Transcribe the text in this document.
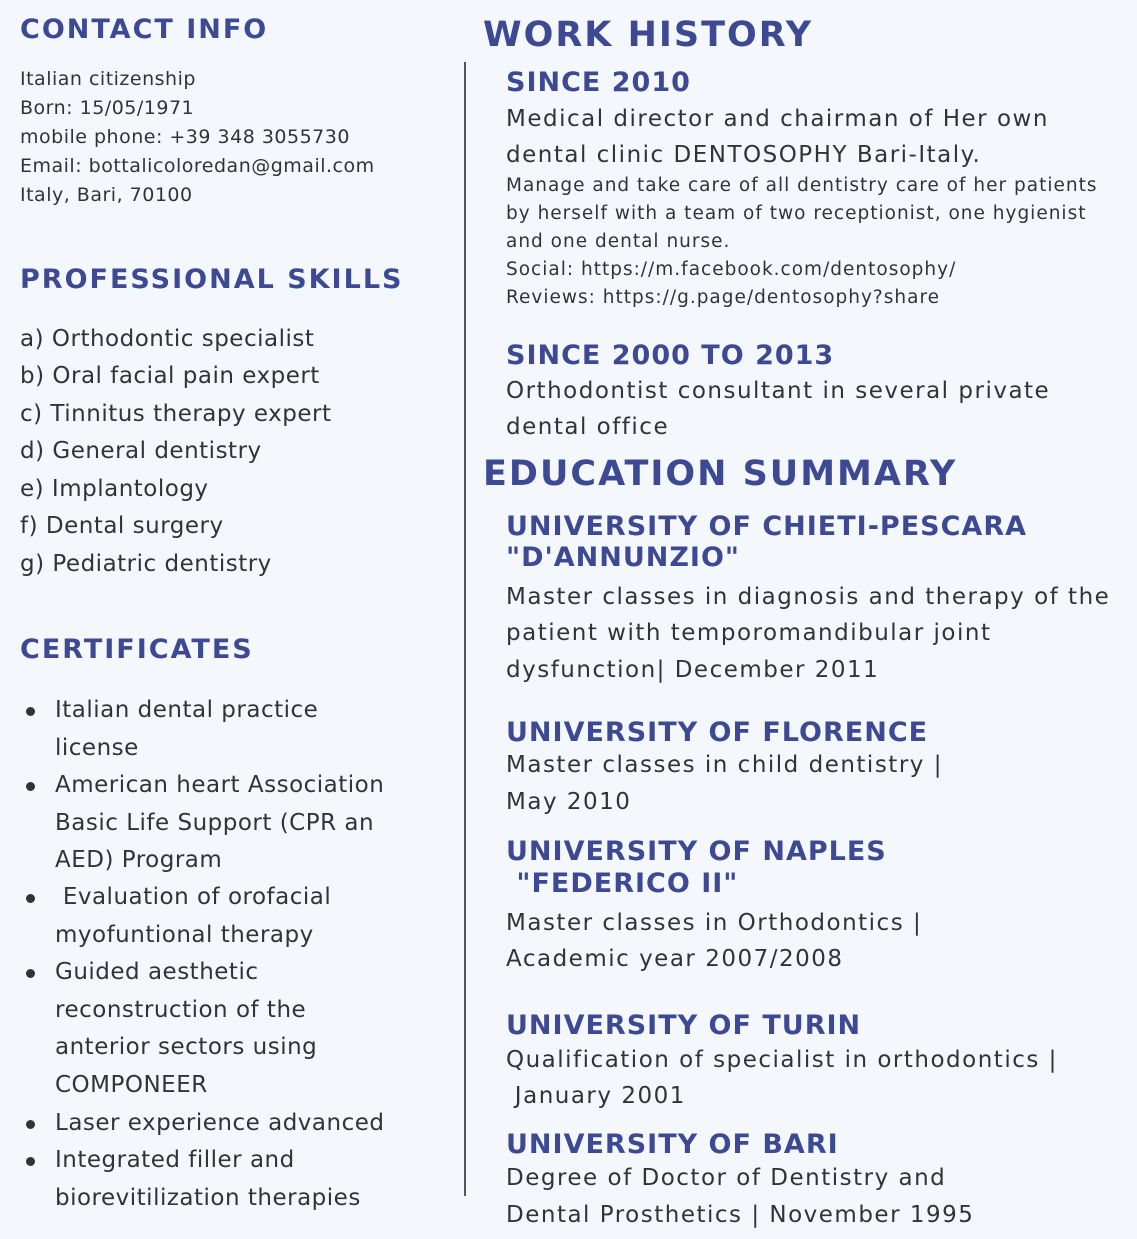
CONTACT INFO
Italian citizenship
Born: 15/05/1971
mobile phone: +39 348 3055730
Email: bottalicoloredan@gmail.com
Italy, Bari, 70100
PROFESSIONAL SKILLS
a) Orthodontic specialist
b) Oral facial pain expert
c) Tinnitus therapy expert
d) General dentistry
e) Implantology
f) Dental surgery
g) Pediatric dentistry
CERTIFICATES
Italian dental practice license
American heart Association Basic Life Support (CPR an AED) Program
Evaluation of orofacial myofuntional therapy
Guided aesthetic reconstruction of the anterior sectors using COMPONEER
Laser experience advanced
Integrated filler and biorevitilization therapies
WORK HISTORY
SINCE 2010
Medical director and chairman of Her own
dental clinic DENTOSOPHY Bari-Italy.
Manage and take care of all dentistry care of her patients
by herself with a team of two receptionist, one hygienist
and one dental nurse.
Social: https://m.facebook.com/dentosophy/
Reviews: https://g.page/dentosophy?share
SINCE 2000 TO 2013
Orthodontist consultant in several private
dental office
EDUCATION SUMMARY
UNIVERSITY OF CHIETI-PESCARA
"D'ANNUNZIO"
Master classes in diagnosis and therapy of the
patient with temporomandibular joint
dysfunction| December 2011
UNIVERSITY OF FLORENCE
Master classes in child dentistry |
May 2010
UNIVERSITY OF NAPLES
"FEDERICO II"
Master classes in Orthodontics |
Academic year 2007/2008
UNIVERSITY OF TURIN
Qualification of specialist in orthodontics |
January 2001
UNIVERSITY OF BARI
Degree of Doctor of Dentistry and
Dental Prosthetics | November 1995
